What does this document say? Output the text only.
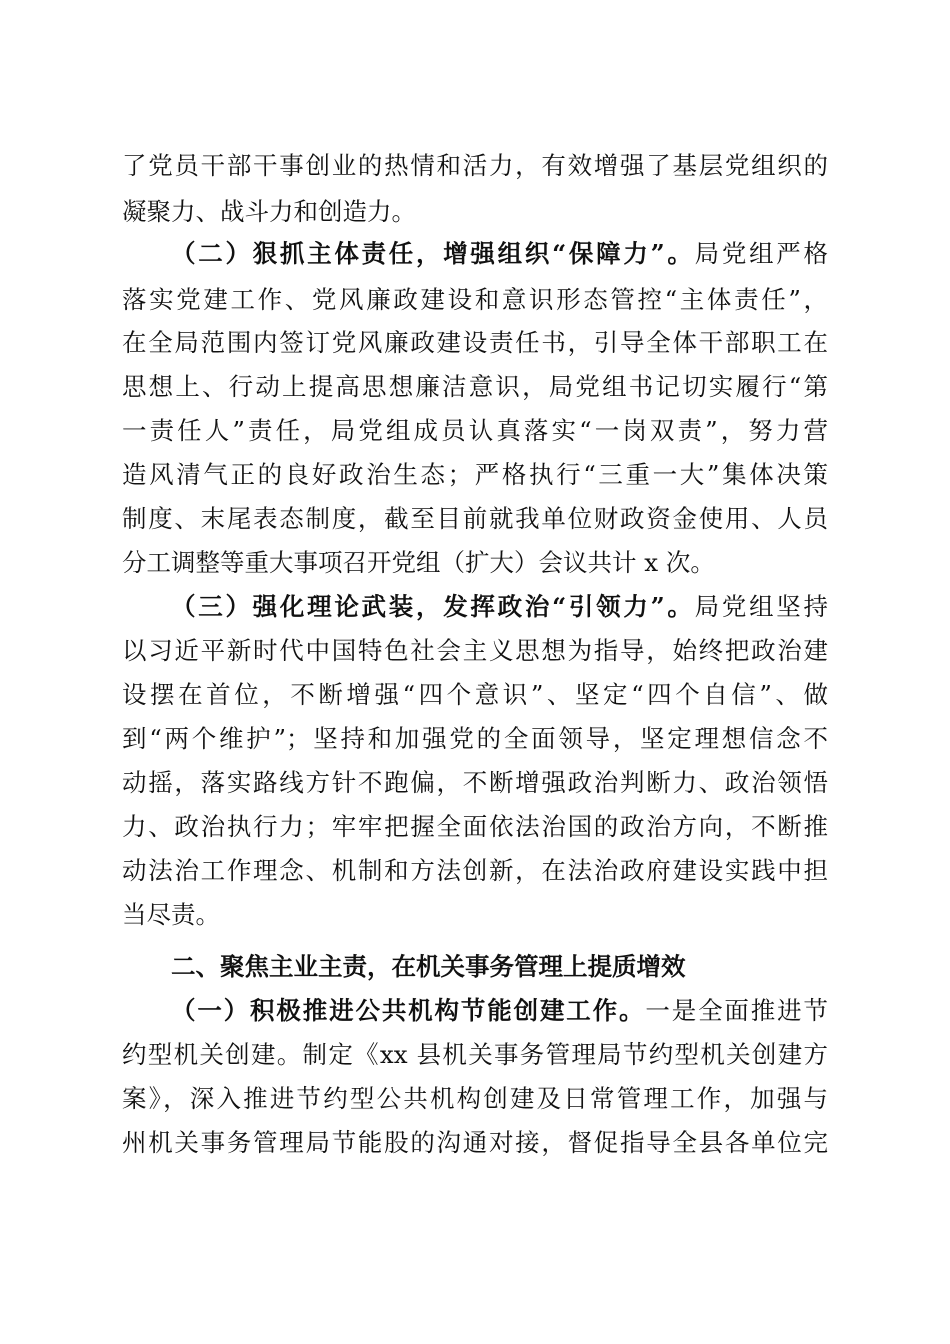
了党员干部干事创业的热情和活力，有效增强了基层党组织的
凝聚力、战斗力和创造力。
（二）狠抓主体责任，增强组织“保障力”。局党组严格
落实党建工作、党风廉政建设和意识形态管控“主体责任”，
在全局范围内签订党风廉政建设责任书，引导全体干部职工在
思想上、行动上提高思想廉洁意识，局党组书记切实履行“第
一责任人”责任，局党组成员认真落实“一岗双责”，努力营
造风清气正的良好政治生态；严格执行“三重一大”集体决策
制度、末尾表态制度，截至目前就我单位财政资金使用、人员
分工调整等重大事项召开党组（扩大）会议共计 x 次。
（三）强化理论武装，发挥政治“引领力”。局党组坚持
以习近平新时代中国特色社会主义思想为指导，始终把政治建
设摆在首位，不断增强“四个意识”、坚定“四个自信”、做
到“两个维护”；坚持和加强党的全面领导，坚定理想信念不
动摇，落实路线方针不跑偏，不断增强政治判断力、政治领悟
力、政治执行力；牢牢把握全面依法治国的政治方向，不断推
动法治工作理念、机制和方法创新，在法治政府建设实践中担
当尽责。
二、聚焦主业主责，在机关事务管理上提质增效
（一）积极推进公共机构节能创建工作。一是全面推进节
约型机关创建。制定《xx 县机关事务管理局节约型机关创建方
案》，深入推进节约型公共机构创建及日常管理工作，加强与
州机关事务管理局节能股的沟通对接，督促指导全县各单位完
